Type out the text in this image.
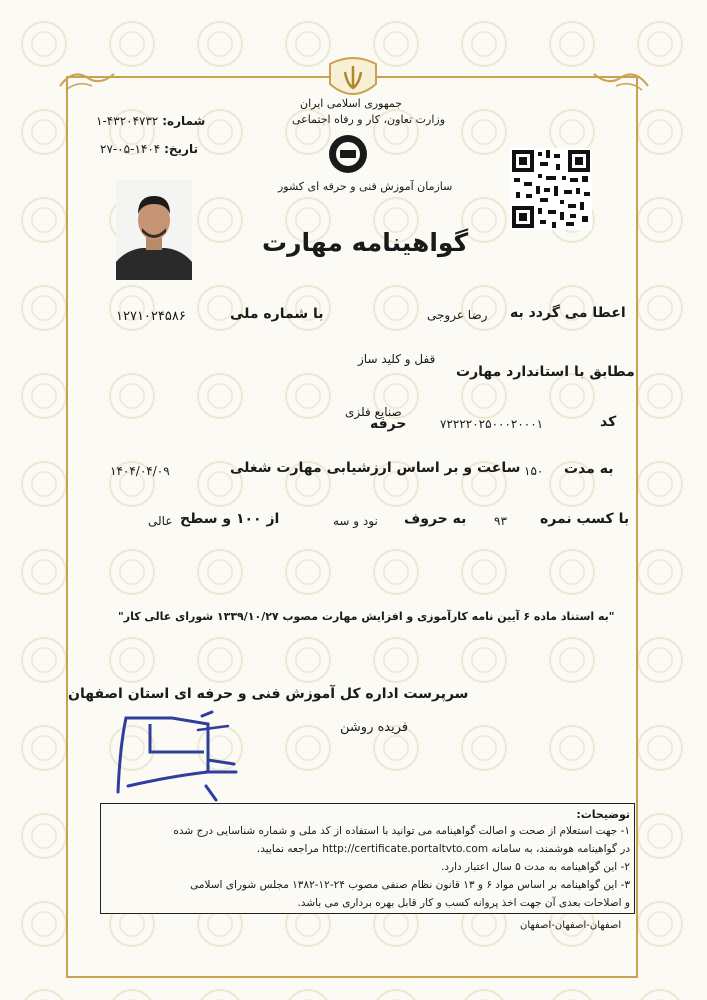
جمهوری اسلامی ایران
وزارت تعاون، کار و رفاه اجتماعی
سازمان آموزش فنی و حرفه ای کشور
شماره: ۴۳۲۰۴۷۳۲-۱
تاریخ: ۱۴۰۴-۰۵-۲۷
گواهینامه مهارت
اعطا می گردد به
رضا عروجی
با شماره ملی
۱۲۷۱۰۲۴۵۸۶
قفل و کلید ساز
مطابق با استاندارد مهارت
کد
۷۲۲۲۲۰۲۵۰۰۰۲۰۰۰۱
صنایع فلزی
حرفه
به مدت
۱۵۰
ساعت و بر اساس ارزشیابی مهارت شغلی
۱۴۰۴/۰۴/۰۹
با کسب نمره
۹۳
به حروف
نود و سه
از ۱۰۰ و سطح
عالی
"به استناد ماده ۶ آیین نامه کارآموزی و افزایش مهارت مصوب ۱۳۳۹/۱۰/۲۷ شورای عالی کار"
سرپرست اداره کل آموزش فنی و حرفه ای استان اصفهان
فریده روشن
توضیحات:
۱- جهت استعلام از صحت و اصالت گواهینامه می توانید با استفاده از کد ملی و شماره شناسایی درج شده
در گواهینامه هوشمند، به سامانه http://certificate.portaltvto.com مراجعه نمایید.
۲- این گواهینامه به مدت ۵ سال اعتبار دارد.
۳- این گواهینامه بر اساس مواد ۶ و ۱۳ قانون نظام صنفی مصوب ۲۴-۱۲-۱۳۸۲ مجلس شورای اسلامی
و اصلاحات بعدی آن جهت اخذ پروانه کسب و کار قابل بهره برداری می باشد.
اصفهان-اصفهان-اصفهان
